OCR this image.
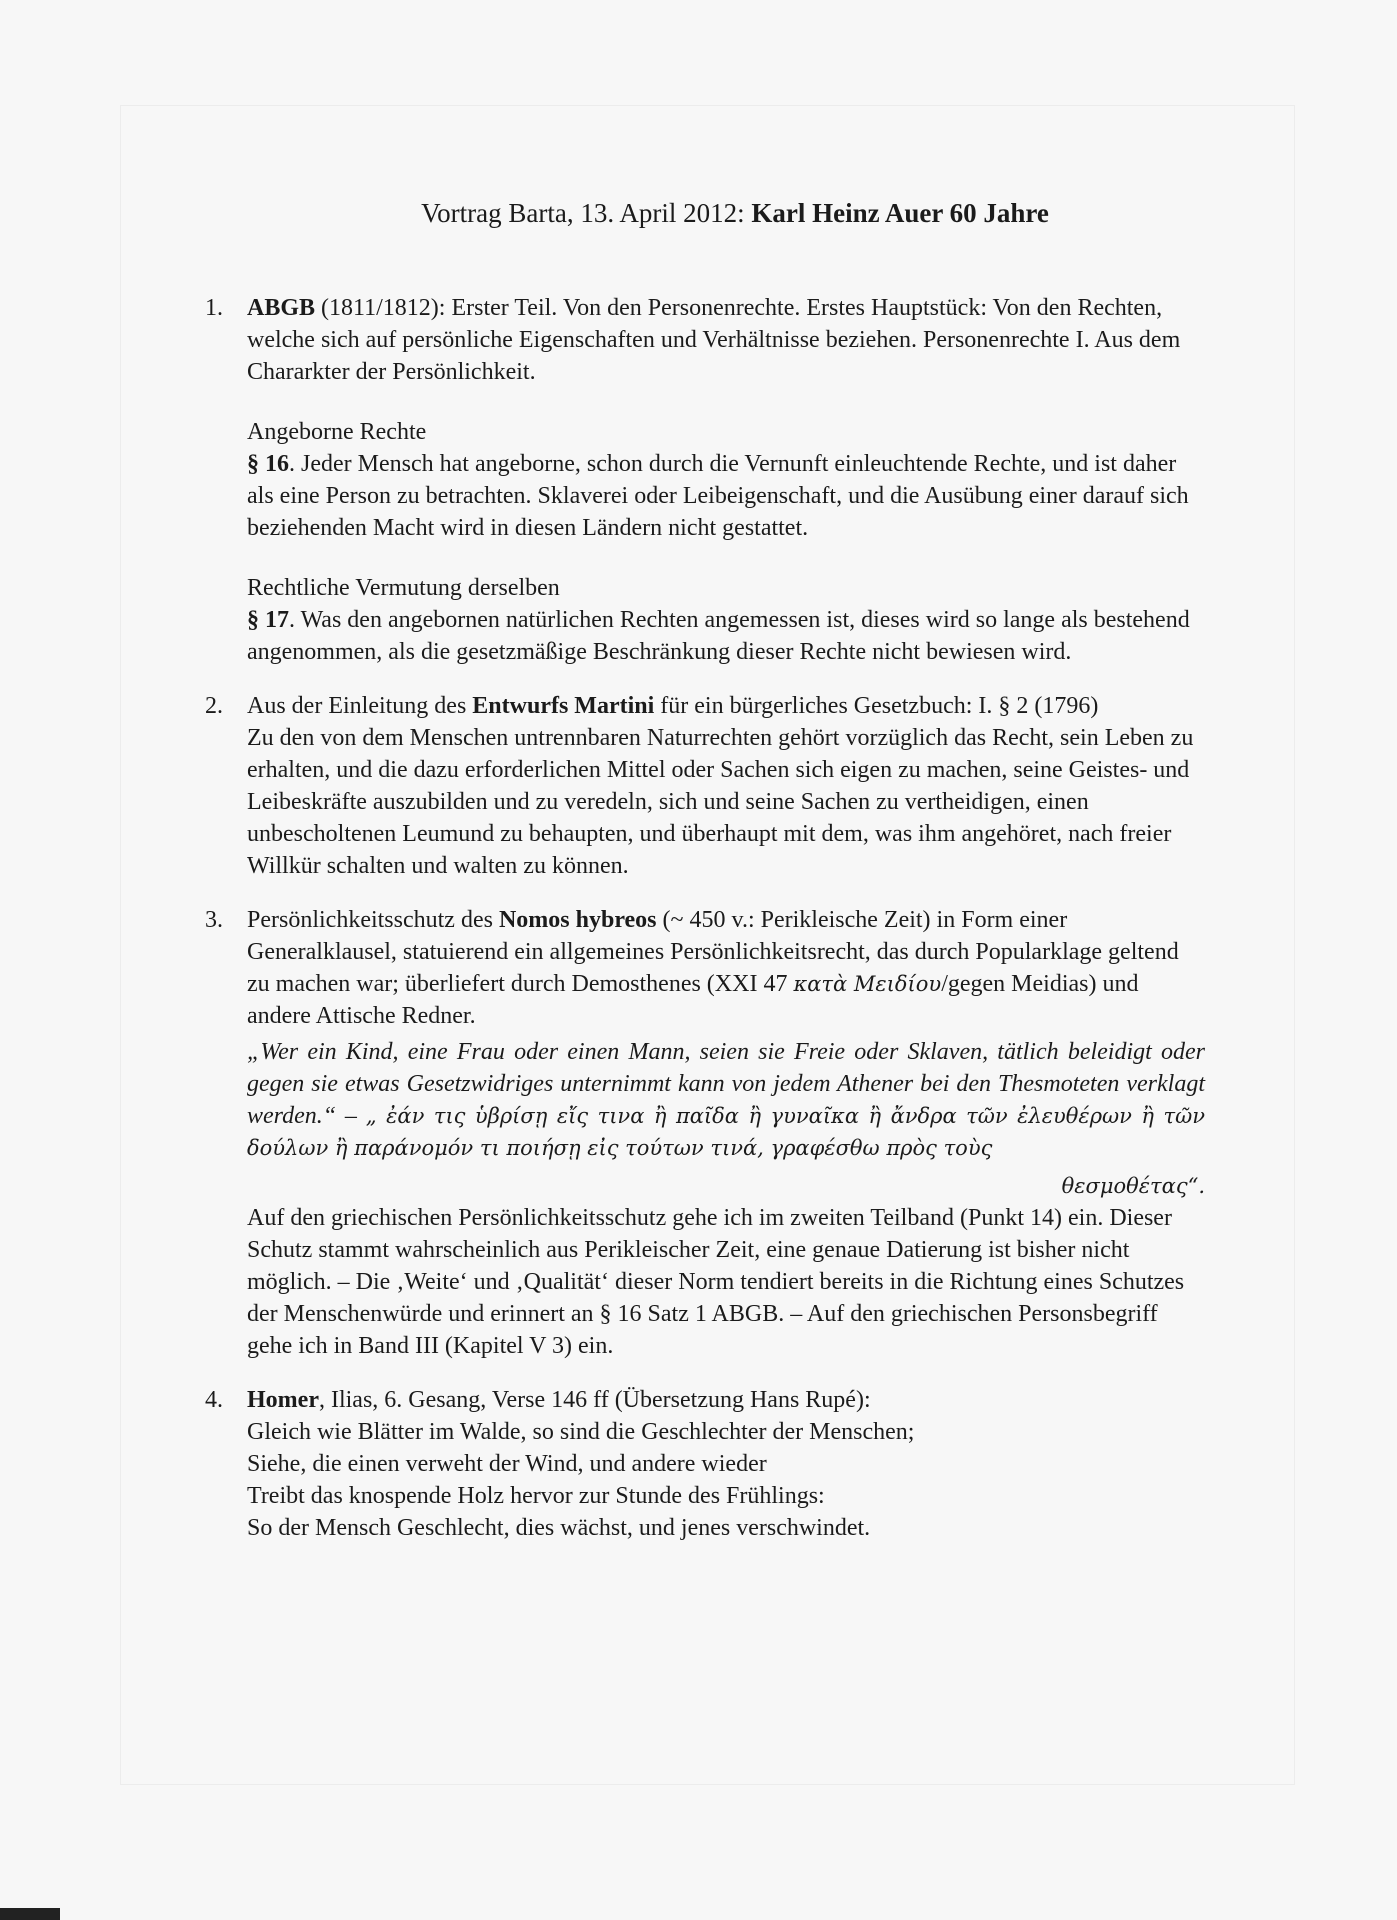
Vortrag Barta, 13. April 2012: Karl Heinz Auer 60 Jahre
1. ABGB (1811/1812): Erster Teil. Von den Personenrechte. Erstes Hauptstück: Von den Rechten, welche sich auf persönliche Eigenschaften und Verhältnisse beziehen. Personenrechte I. Aus dem Chararkter der Persönlichkeit.

Angeborne Rechte

§ 16. Jeder Mensch hat angeborne, schon durch die Vernunft einleuchtende Rechte, und ist daher als eine Person zu betrachten. Sklaverei oder Leibeigenschaft, und die Ausübung einer darauf sich beziehenden Macht wird in diesen Ländern nicht gestattet.

Rechtliche Vermutung derselben

§ 17. Was den angebornen natürlichen Rechten angemessen ist, dieses wird so lange als bestehend angenommen, als die gesetzmäßige Beschränkung dieser Rechte nicht bewiesen wird.

2. Aus der Einleitung des Entwurfs Martini für ein bürgerliches Gesetzbuch: I. § 2 (1796)

Zu den von dem Menschen untrennbaren Naturrechten gehört vorzüglich das Recht, sein Leben zu erhalten, und die dazu erforderlichen Mittel oder Sachen sich eigen zu machen, seine Geistes- und Leibeskräfte auszubilden und zu veredeln, sich und seine Sachen zu vertheidigen, einen unbescholtenen Leumund zu behaupten, und überhaupt mit dem, was ihm angehöret, nach freier Willkür schalten und walten zu können.

3. Persönlichkeitsschutz des Nomos hybreos (~ 450 v.: Perikleische Zeit) in Form einer Generalklausel, statuierend ein allgemeines Persönlichkeitsrecht, das durch Popularklage geltend zu machen war; überliefert durch Demosthenes (XXI 47 κατὰ Μειδίου/gegen Meidias) und andere Attische Redner.

„Wer ein Kind, eine Frau oder einen Mann, seien sie Freie oder Sklaven, tätlich beleidigt oder gegen sie etwas Gesetzwidriges unternimmt kann von jedem Athener bei den Thesmoteten verklagt werden.“ – „ ἐάν τις ὑβρίσῃ εἴς τινα ἢ παῖδα ἢ γυναῖκα ἢ ἄνδρα τῶν ἐλευθέρων ἢ τῶν δούλων ἢ παράνομόν τι ποιήσῃ εἰς τούτων τινά, γραφέσθω πρὸς τοὺς

θεσμοθέτας“.

Auf den griechischen Persönlichkeitsschutz gehe ich im zweiten Teilband (Punkt 14) ein. Dieser Schutz stammt wahrscheinlich aus Perikleischer Zeit, eine genaue Datierung ist bisher nicht möglich. – Die ‚Weite‘ und ‚Qualität‘ dieser Norm tendiert bereits in die Richtung eines Schutzes der Menschenwürde und erinnert an § 16 Satz 1 ABGB. – Auf den griechischen Personsbegriff gehe ich in Band III (Kapitel V 3) ein.

4. Homer, Ilias, 6. Gesang, Verse 146 ff (Übersetzung Hans Rupé):

Gleich wie Blätter im Walde, so sind die Geschlechter der Menschen;

Siehe, die einen verweht der Wind, und andere wieder

Treibt das knospende Holz hervor zur Stunde des Frühlings:

So der Mensch Geschlecht, dies wächst, und jenes verschwindet.
